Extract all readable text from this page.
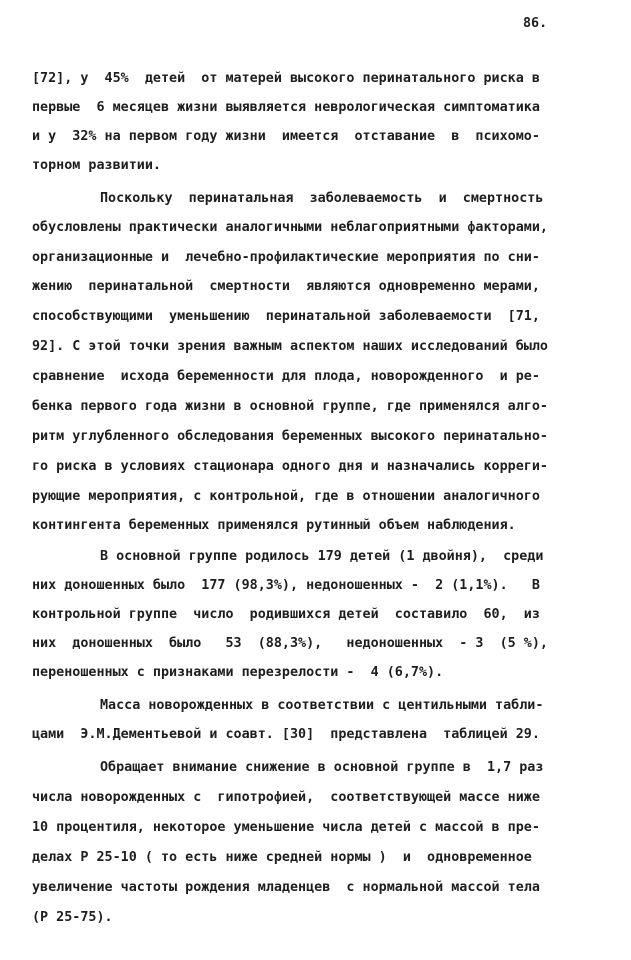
86.
[72], у  45%  детей  от матерей высокого перинатального риска в
первые  6 месяцев жизни выявляется неврологическая симптоматика
и у  32% на первом году жизни  имеется  отставание  в  психомо-
торном развитии.
Поскольку  перинатальная  заболеваемость  и  смертность
обусловлены практически аналогичными неблагоприятными факторами,
организационные и  лечебно-профилактические мероприятия по сни-
жению  перинатальной  смертности  являются одновременно мерами,
способствующими  уменьшению  перинатальной заболеваемости  [71,
92]. С этой точки зрения важным аспектом наших исследований было
сравнение  исхода беременности для плода, новорожденного  и ре-
бенка первого года жизни в основной группе, где применялся алго-
ритм углубленного обследования беременных высокого перинатально-
го риска в условиях стационара одного дня и назначались корреги-
рующие мероприятия, с контрольной, где в отношении аналогичного
контингента беременных применялся рутинный объем наблюдения.
В основной группе родилось 179 детей (1 двойня),  среди
них доношенных было  177 (98,3%), недоношенных -  2 (1,1%).   В
контрольной группе  число  родившихся детей  составило  60,  из
них  доношенных  было   53  (88,3%),   недоношенных  - 3  (5 %),
переношенных с признаками перезрелости -  4 (6,7%).
Масса новорожденных в соответствии с центильными табли-
цами  Э.М.Дементьевой и соавт. [30]  представлена  таблицей 29.
Обращает внимание снижение в основной группе в  1,7 раз
числа новорожденных с  гипотрофией,  соответствующей массе ниже
10 процентиля, некоторое уменьшение числа детей с массой в пре-
делах Р 25-10 ( то есть ниже средней нормы )  и  одновременное
увеличение частоты рождения младенцев  с нормальной массой тела
(Р 25-75).
